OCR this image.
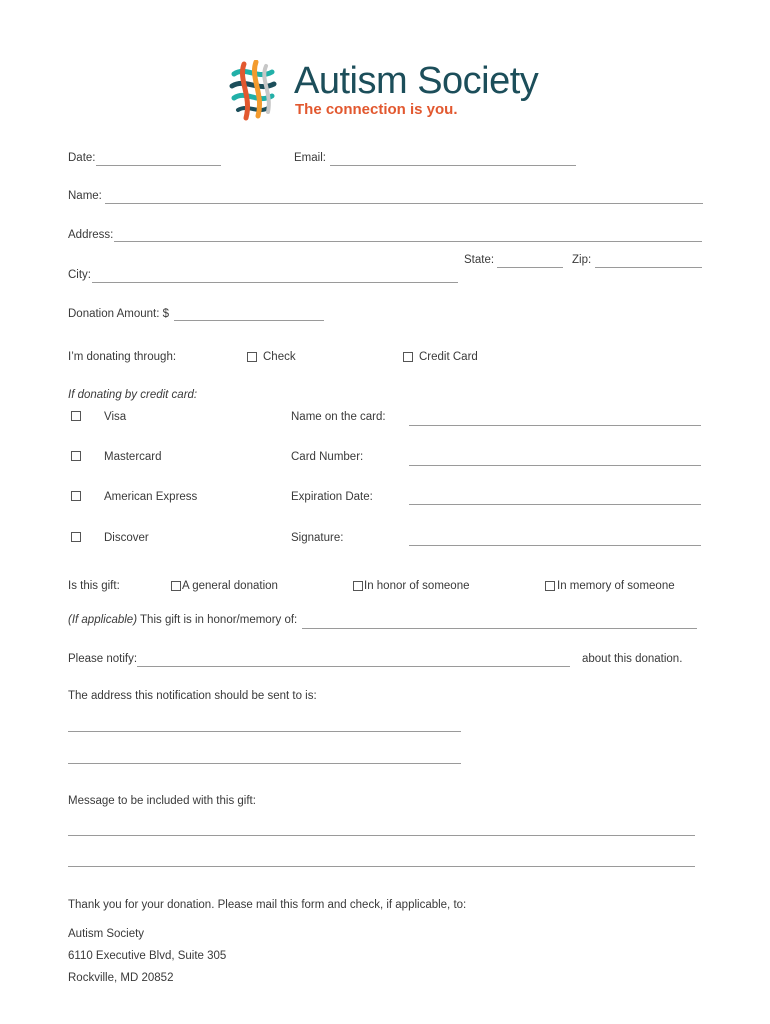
Autism Society
The connection is you.
Date:	Email:
Name:
Address:
State:	Zip:
City:
Donation Amount: $
I’m donating through:	Check	Credit Card
If donating by credit card:
Visa	Name on the card:
Mastercard	Card Number:
American Express	Expiration Date:
Discover	Signature:
Is this gift:	A general donation	In honor of someone	In memory of someone
(If applicable) This gift is in honor/memory of:
Please notify:	about this donation.
The address this notification should be sent to is:
Message to be included with this gift:
Thank you for your donation. Please mail this form and check, if applicable, to:
Autism Society
6110 Executive Blvd, Suite 305
Rockville, MD 20852
